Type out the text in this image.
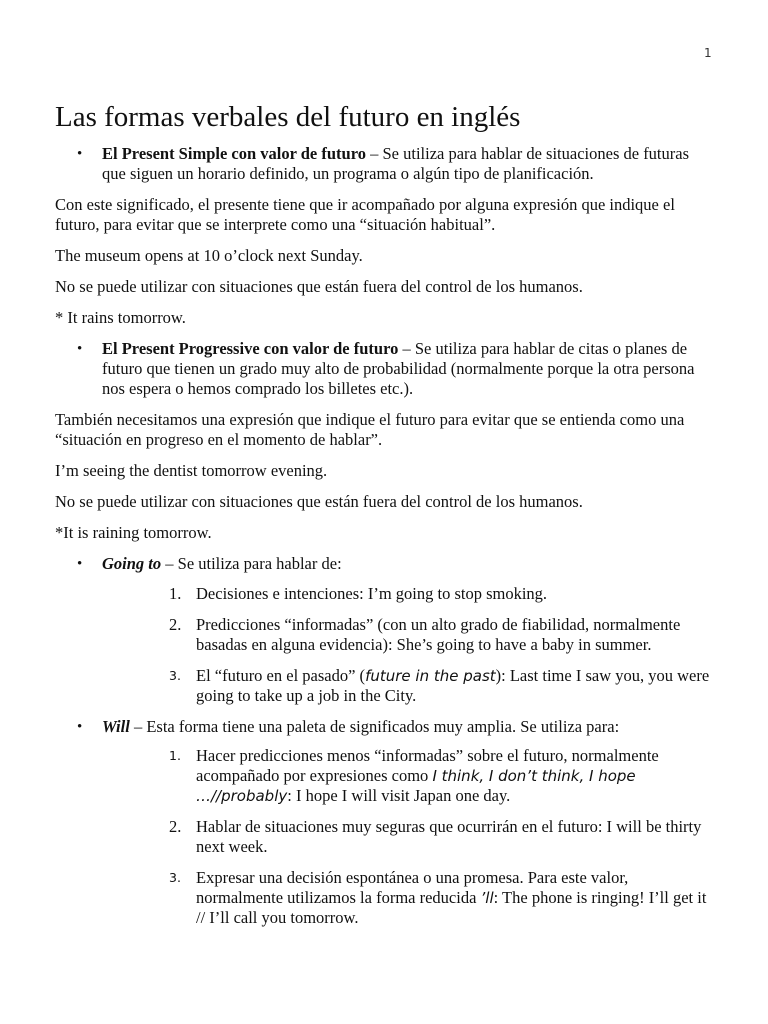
1
Las formas verbales del futuro en inglés
• El Present Simple con valor de futuro – Se utiliza para hablar de situaciones de futuras que siguen un horario definido, un programa o algún tipo de planificación.

Con este significado, el presente tiene que ir acompañado por alguna expresión que indique el futuro, para evitar que se interprete como una “situación habitual”.

The museum opens at 10 o’clock next Sunday.

No se puede utilizar con situaciones que están fuera del control de los humanos.

* It rains tomorrow.

• El Present Progressive con valor de futuro – Se utiliza para hablar de citas o planes de futuro que tienen un grado muy alto de probabilidad (normalmente porque la otra persona nos espera o hemos comprado los billetes etc.).

También necesitamos una expresión que indique el futuro para evitar que se entienda como una “situación en progreso en el momento de hablar”.

I’m seeing the dentist tomorrow evening.

No se puede utilizar con situaciones que están fuera del control de los humanos.

*It is raining tomorrow.

• Going to – Se utiliza para hablar de:
1. Decisiones e intenciones: I’m going to stop smoking.
2. Predicciones “informadas” (con un alto grado de fiabilidad, normalmente basadas en alguna evidencia): She’s going to have a baby in summer.
3. El “futuro en el pasado” (future in the past): Last time I saw you, you were going to take up a job in the City.
• Will – Esta forma tiene una paleta de significados muy amplia. Se utiliza para:
1. Hacer predicciones menos “informadas” sobre el futuro, normalmente acompañado por expresiones como I think, I don’t think, I hope …//probably: I hope I will visit Japan one day.
2. Hablar de situaciones muy seguras que ocurrirán en el futuro: I will be thirty next week.
3. Expresar una decisión espontánea o una promesa. Para este valor, normalmente utilizamos la forma reducida ’ll: The phone is ringing! I’ll get it // I’ll call you tomorrow.
